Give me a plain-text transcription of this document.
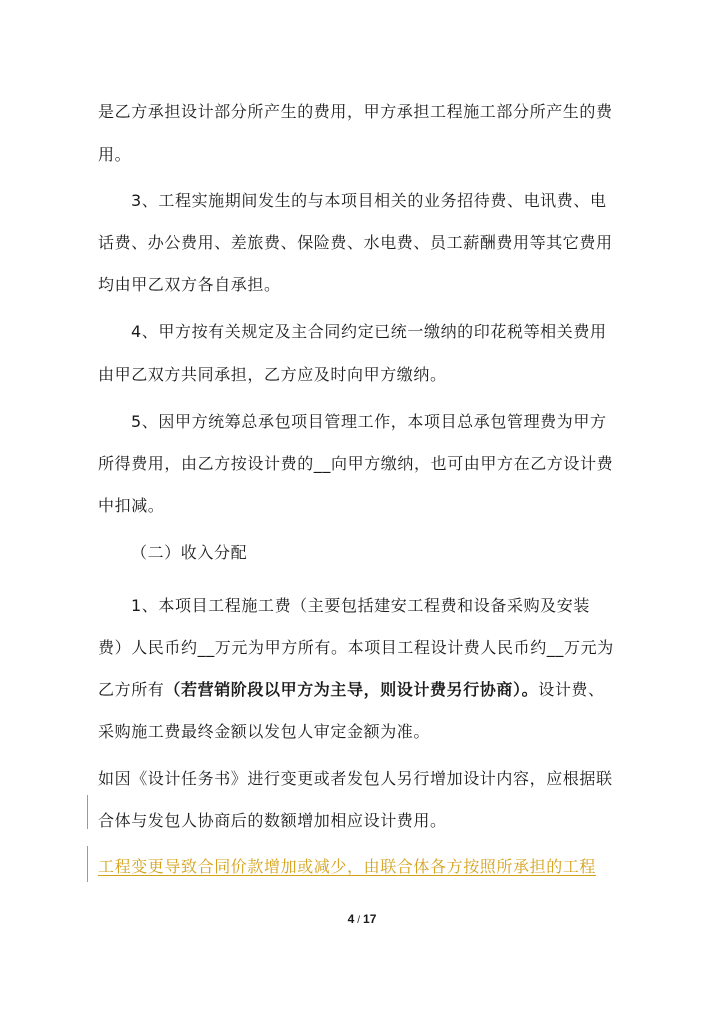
是乙方承担设计部分所产生的费用，甲方承担工程施工部分所产生的费
用。
3、工程实施期间发生的与本项目相关的业务招待费、电讯费、电
话费、办公费用、差旅费、保险费、水电费、员工薪酬费用等其它费用
均由甲乙双方各自承担。
4、甲方按有关规定及主合同约定已统一缴纳的印花税等相关费用
由甲乙双方共同承担，乙方应及时向甲方缴纳。
5、因甲方统筹总承包项目管理工作，本项目总承包管理费为甲方
所得费用，由乙方按设计费的__向甲方缴纳，也可由甲方在乙方设计费
中扣减。
（二）收入分配
1、本项目工程施工费（主要包括建安工程费和设备采购及安装
费）人民币约__万元为甲方所有。本项目工程设计费人民币约__万元为
乙方所有（若营销阶段以甲方为主导，则设计费另行协商）。设计费、
采购施工费最终金额以发包人审定金额为准。
如因《设计任务书》进行变更或者发包人另行增加设计内容，应根据联
合体与发包人协商后的数额增加相应设计费用。
工程变更导致合同价款增加或减少，由联合体各方按照所承担的工程
4 / 17
